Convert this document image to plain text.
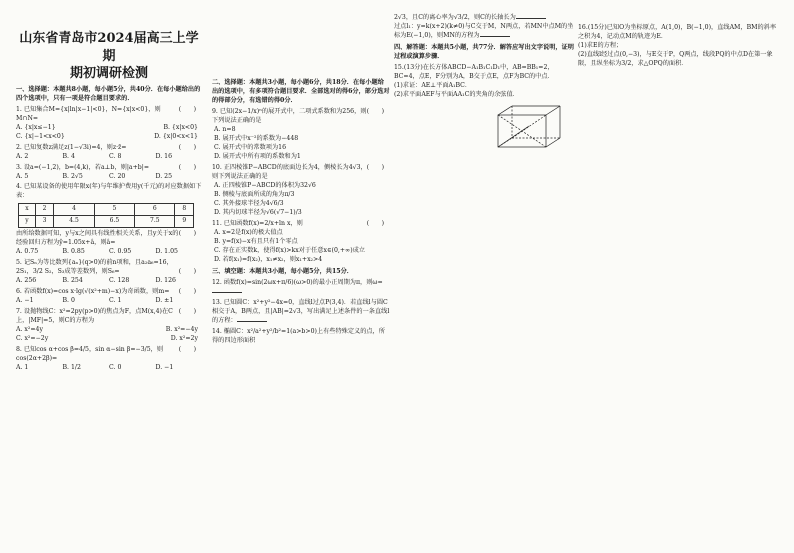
山东省青岛市2024届高三上学期
期初调研检测
一、选择题：本题共8小题，每小题5分，共40分．在每小题给出的四个选项中，只有一项是符合题目要求的．
(　　)
1. 已知集合M={x|ln|x−1|<0}，N={x|x<0}，则M∩N=
A. {x|x≤−1}	B. {x|x<0}
C. {x|−1<x<0}	D. {x|0<x<1}
(　　)
2. 已知复数z满足z(1−√3i)=4，则z·z̄=
A. 2	B. 4	C. 8	D. 16
(　　)
3. 设a=(−1,2)，b=(4,k)，若a⊥b，则|a+b|=
A. 5	B. 2√5	C. 20	D. 25
4. 已知某设备的使用年限x(年)与年维护费用y(千元)的对应数据如下表：
x	2	4	5	6	8
y	3	4.5	6.5	7.5	9
(　　)
由所给数据可知，y与x之间具有线性相关关系，且y关于x的经验回归方程为ŷ=1.05x+â，则â=
A. 0.75	B. 0.85	C. 0.95	D. 1.05
5. 记Sₙ为等比数列{aₙ}(q>0)的前n项和，且a₂a₆=16，
(　　)
2S₁，3/2 S₂，S₃成等差数列，则S₆=
A. 256	B. 254	C. 128	D. 126
(　　)
6. 若函数f(x)=cos x·lg(√(x²+m)−x)为奇函数，则m=
A. −1	B. 0	C. 1	D. ±1
(　　)
7. 设抛物线C：x²=2py(p>0)的焦点为F，点M(x,4)在C上，|MF|=5，则C的方程为
A. x²=4y	B. x²=−4y
C. x²=−2y	D. x²=2y
(　　)
8. 已知cos α+cos β=4/5，sin α−sin β=−3/5，则cos(2α+2β)=
A. 1	B. 1/2	C. 0	D. −1
二、选择题：本题共3小题，每小题6分，共18分．在每小题给出的选项中，有多项符合题目要求．全部选对的得6分，部分选对的得部分分，有选错的得0分．
(　　)
9. 已知(2x−1/x)ⁿ的展开式中，二项式系数和为256，则下列说法正确的是
A. n=8
B. 展开式中x⁻²的系数为−448
C. 展开式中的常数项为16
D. 展开式中所有项的系数和为1
(　　)
10. 正四棱锥P−ABCD的底面边长为4，侧棱长为4√3，则下列说法正确的是
A. 正四棱锥P−ABCD的体积为32√6
B. 侧棱与底面所成的角为π/3
C. 其外接球半径为4√6/3
D. 其内切球半径为√6(√7−1)/3
(　　)
11. 已知函数f(x)=2/x+ln x，则
A. x=2是f(x)的极大值点
B. y=f(x)−x有且只有1个零点
C. 存在正实数k，使得f(x)>kx对于任意x∈(0,+∞)成立
D. 若f(x₁)=f(x₂)，x₁≠x₂，则x₁+x₂>4
三、填空题：本题共3小题，每小题5分，共15分．
12. 函数f(x)=sin(2ωx+π/6)(ω>0)的最小正周期为π，则ω=
13. 已知圆C：x²+y²−4x=0，直线l过点P(3,4)．若直线l与圆C相交于A，B两点，且|AB|=2√3，写出满足上述条件的一条直线l的方程：
14. 椭圆C：x²/a²+y²/b²=1(a>b>0)上有些特殊定义的点，所得的四边形面积
2√3，且C的离心率为√3/2，则C的长轴长为
过点l₁：y=k(x+2)(k≠0)与C交于M，N两点，若MN中点M的坐标为E(−1,0)，则MN的方程为
四、解答题：本题共5小题，共77分．解答应写出文字说明，证明过程或演算步骤．
15.(13分)在长方体ABCD−A₁B₁C₁D₁中，AB=BB₁=2，BC=4，点E，F分别为A，B交于点E，点F为BC的中点．
(1)求证：AE⊥平面A₁BC．
(2)求平面AEF与平面AA₁C的夹角的余弦值．
16.(15分)已知O为坐标原点，A(1,0)，B(−1,0)，直线AM，BM的斜率之积为4，记动点M的轨迹为E．
(1)求E的方程；
(2)直线l经过点(0,−3)，与E交于P，Q两点，线段PQ的中点D在第一象限，且纵坐标为3/2，求△OPQ的面积．
